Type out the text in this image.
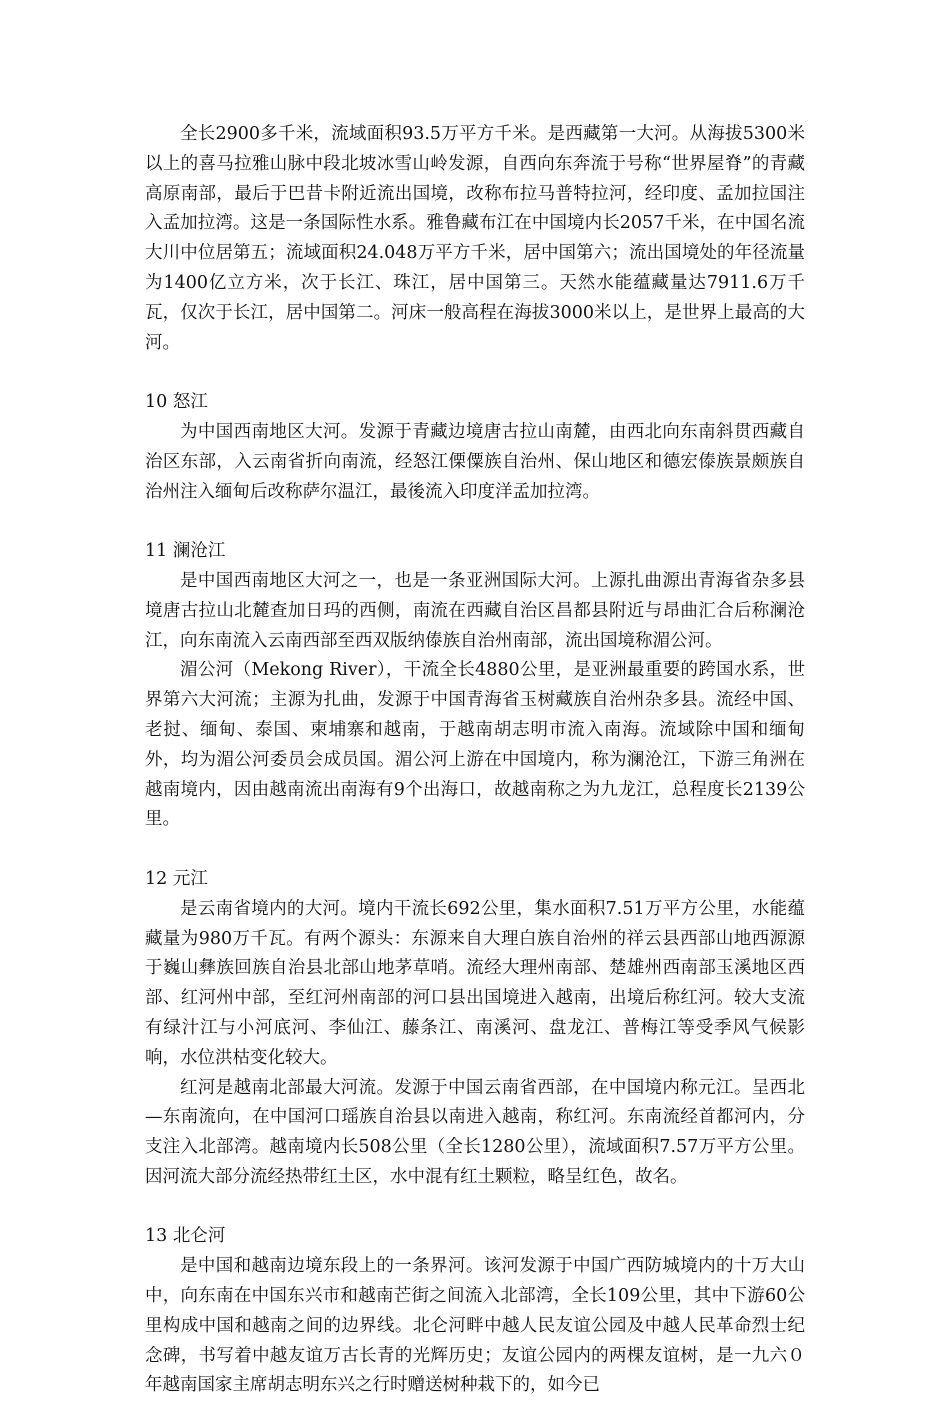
全长2900多千米，流域面积93.5万平方千米。是西藏第一大河。从海拔5300米以上的喜马拉雅山脉中段北坡冰雪山岭发源，自西向东奔流于号称“世界屋脊”的青藏高原南部，最后于巴昔卡附近流出国境，改称布拉马普特拉河，经印度、孟加拉国注入孟加拉湾。这是一条国际性水系。雅鲁藏布江在中国境内长2057千米，在中国名流大川中位居第五；流域面积24.048万平方千米，居中国第六；流出国境处的年径流量为1400亿立方米，次于长江、珠江，居中国第三。天然水能蕴藏量达7911.6万千瓦，仅次于长江，居中国第二。河床一般高程在海拔3000米以上，是世界上最高的大河。

10 怒江

为中国西南地区大河。发源于青藏边境唐古拉山南麓，由西北向东南斜贯西藏自治区东部，入云南省折向南流，经怒江傈僳族自治州、保山地区和德宏傣族景颇族自治州注入缅甸后改称萨尔温江，最後流入印度洋孟加拉湾。

11 澜沧江

是中国西南地区大河之一，也是一条亚洲国际大河。上源扎曲源出青海省杂多县境唐古拉山北麓查加日玛的西侧，南流在西藏自治区昌都县附近与昂曲汇合后称澜沧江，向东南流入云南西部至西双版纳傣族自治州南部，流出国境称湄公河。

湄公河（Mekong River），干流全长4880公里，是亚洲最重要的跨国水系，世界第六大河流；主源为扎曲，发源于中国青海省玉树藏族自治州杂多县。流经中国、老挝、缅甸、泰国、柬埔寨和越南，于越南胡志明市流入南海。流域除中国和缅甸外，均为湄公河委员会成员国。湄公河上游在中国境内，称为澜沧江，下游三角洲在越南境内，因由越南流出南海有9个出海口，故越南称之为九龙江，总程度长2139公里。

12 元江

是云南省境内的大河。境内干流长692公里，集水面积7.51万平方公里，水能蕴藏量为980万千瓦。有两个源头：东源来自大理白族自治州的祥云县西部山地西源源于巍山彝族回族自治县北部山地茅草哨。流经大理州南部、楚雄州西南部玉溪地区西部、红河州中部，至红河州南部的河口县出国境进入越南，出境后称红河。较大支流有绿汁江与小河底河、李仙江、藤条江、南溪河、盘龙江、普梅江等受季风气候影响，水位洪枯变化较大。

红河是越南北部最大河流。发源于中国云南省西部，在中国境内称元江。呈西北—东南流向，在中国河口瑶族自治县以南进入越南，称红河。东南流经首都河内，分支注入北部湾。越南境内长508公里（全长1280公里），流域面积7.57万平方公里。因河流大部分流经热带红土区，水中混有红土颗粒，略呈红色，故名。

13 北仑河

是中国和越南边境东段上的一条界河。该河发源于中国广西防城境内的十万大山中，向东南在中国东兴市和越南芒街之间流入北部湾，全长109公里，其中下游60公里构成中国和越南之间的边界线。北仑河畔中越人民友谊公园及中越人民革命烈士纪念碑，书写着中越友谊万古长青的光辉历史；友谊公园内的两棵友谊树，是一九六０年越南国家主席胡志明东兴之行时赠送树种栽下的，如今已
